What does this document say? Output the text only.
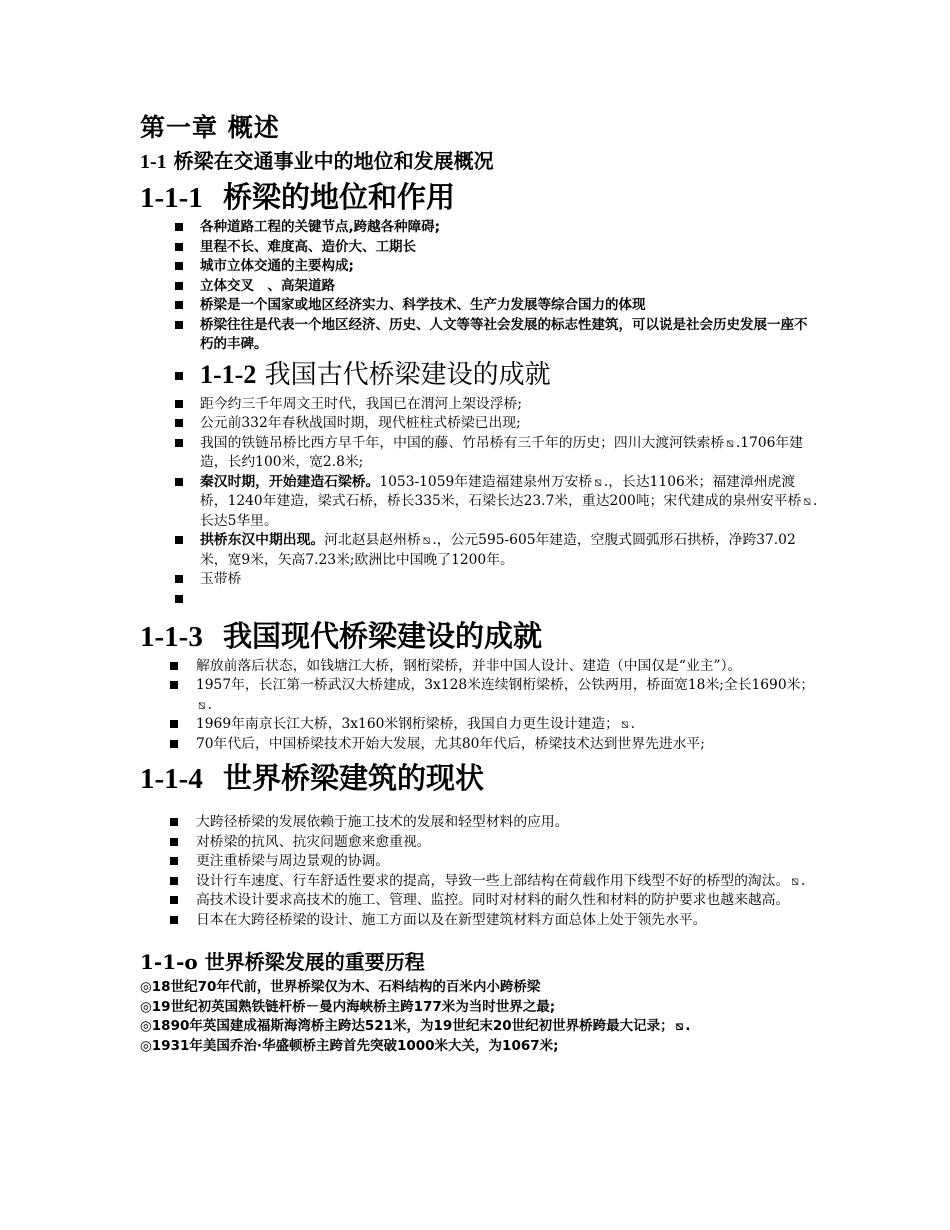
第一章 概述
1-1 桥梁在交通事业中的地位和发展概况
1-1-1 桥梁的地位和作用
各种道路工程的关键节点,跨越各种障碍;
里程不长、难度高、造价大、工期长
城市立体交通的主要构成;
立体交叉　、高架道路
桥梁是一个国家或地区经济实力、科学技术、生产力发展等综合国力的体现
桥梁往往是代表一个地区经济、历史、人文等等社会发展的标志性建筑，可以说是社会历史发展一座不朽的丰碑。
1-1-2 我国古代桥梁建设的成就
距今约三千年周文王时代，我国已在渭河上架设浮桥;
公元前332年春秋战国时期，现代桩柱式桥梁已出现;
我国的铁链吊桥比西方早千年，中国的藤、竹吊桥有三千年的历史；四川大渡河铁索桥 ⧅ .1706年建造，长约100米，宽2.8米;
秦汉时期，开始建造石梁桥。1053-1059年建造福建泉州万安桥 ⧅ .，长达1106米；福建漳州虎渡桥，1240年建造，梁式石桥，桥长335米，石梁长达23.7米，重达200吨；宋代建成的泉州安平桥 ⧅ .长达5华里。
拱桥东汉中期出现。河北赵县赵州桥 ⧅ .，公元595-605年建造，空腹式圆弧形石拱桥，净跨37.02米，宽9米，矢高7.23米;欧洲比中国晚了1200年。
玉带桥
1-1-3 我国现代桥梁建设的成就
解放前落后状态，如钱塘江大桥，钢桁梁桥，并非中国人设计、建造（中国仅是“业主”）。
1957年，长江第一桥武汉大桥建成，3x128米连续钢桁梁桥，公铁两用，桥面宽18米;全长1690米；⧅ .
1969年南京长江大桥，3x160米钢桁梁桥，我国自力更生设计建造； ⧅ .
70年代后，中国桥梁技术开始大发展，尤其80年代后，桥梁技术达到世界先进水平;
1-1-4 世界桥梁建筑的现状
大跨径桥梁的发展依赖于施工技术的发展和轻型材料的应用。
对桥梁的抗风、抗灾问题愈来愈重视。
更注重桥梁与周边景观的协调。
设计行车速度、行车舒适性要求的提高，导致一些上部结构在荷载作用下线型不好的桥型的淘汰。 ⧅ .
高技术设计要求高技术的施工、管理、监控。同时对材料的耐久性和材料的防护要求也越来越高。
日本在大跨径桥梁的设计、施工方面以及在新型建筑材料方面总体上处于领先水平。
1-1-o 世界桥梁发展的重要历程

◎18世纪70年代前，世界桥梁仅为木、石料结构的百米内小跨桥梁

◎19世纪初英国熟铁链杆桥－曼内海峡桥主跨177米为当时世界之最;

◎1890年英国建成福斯海湾桥主跨达521米，为19世纪末20世纪初世界桥跨最大记录； ⧅ .

◎1931年美国乔治·华盛顿桥主跨首先突破1000米大关，为1067米;
